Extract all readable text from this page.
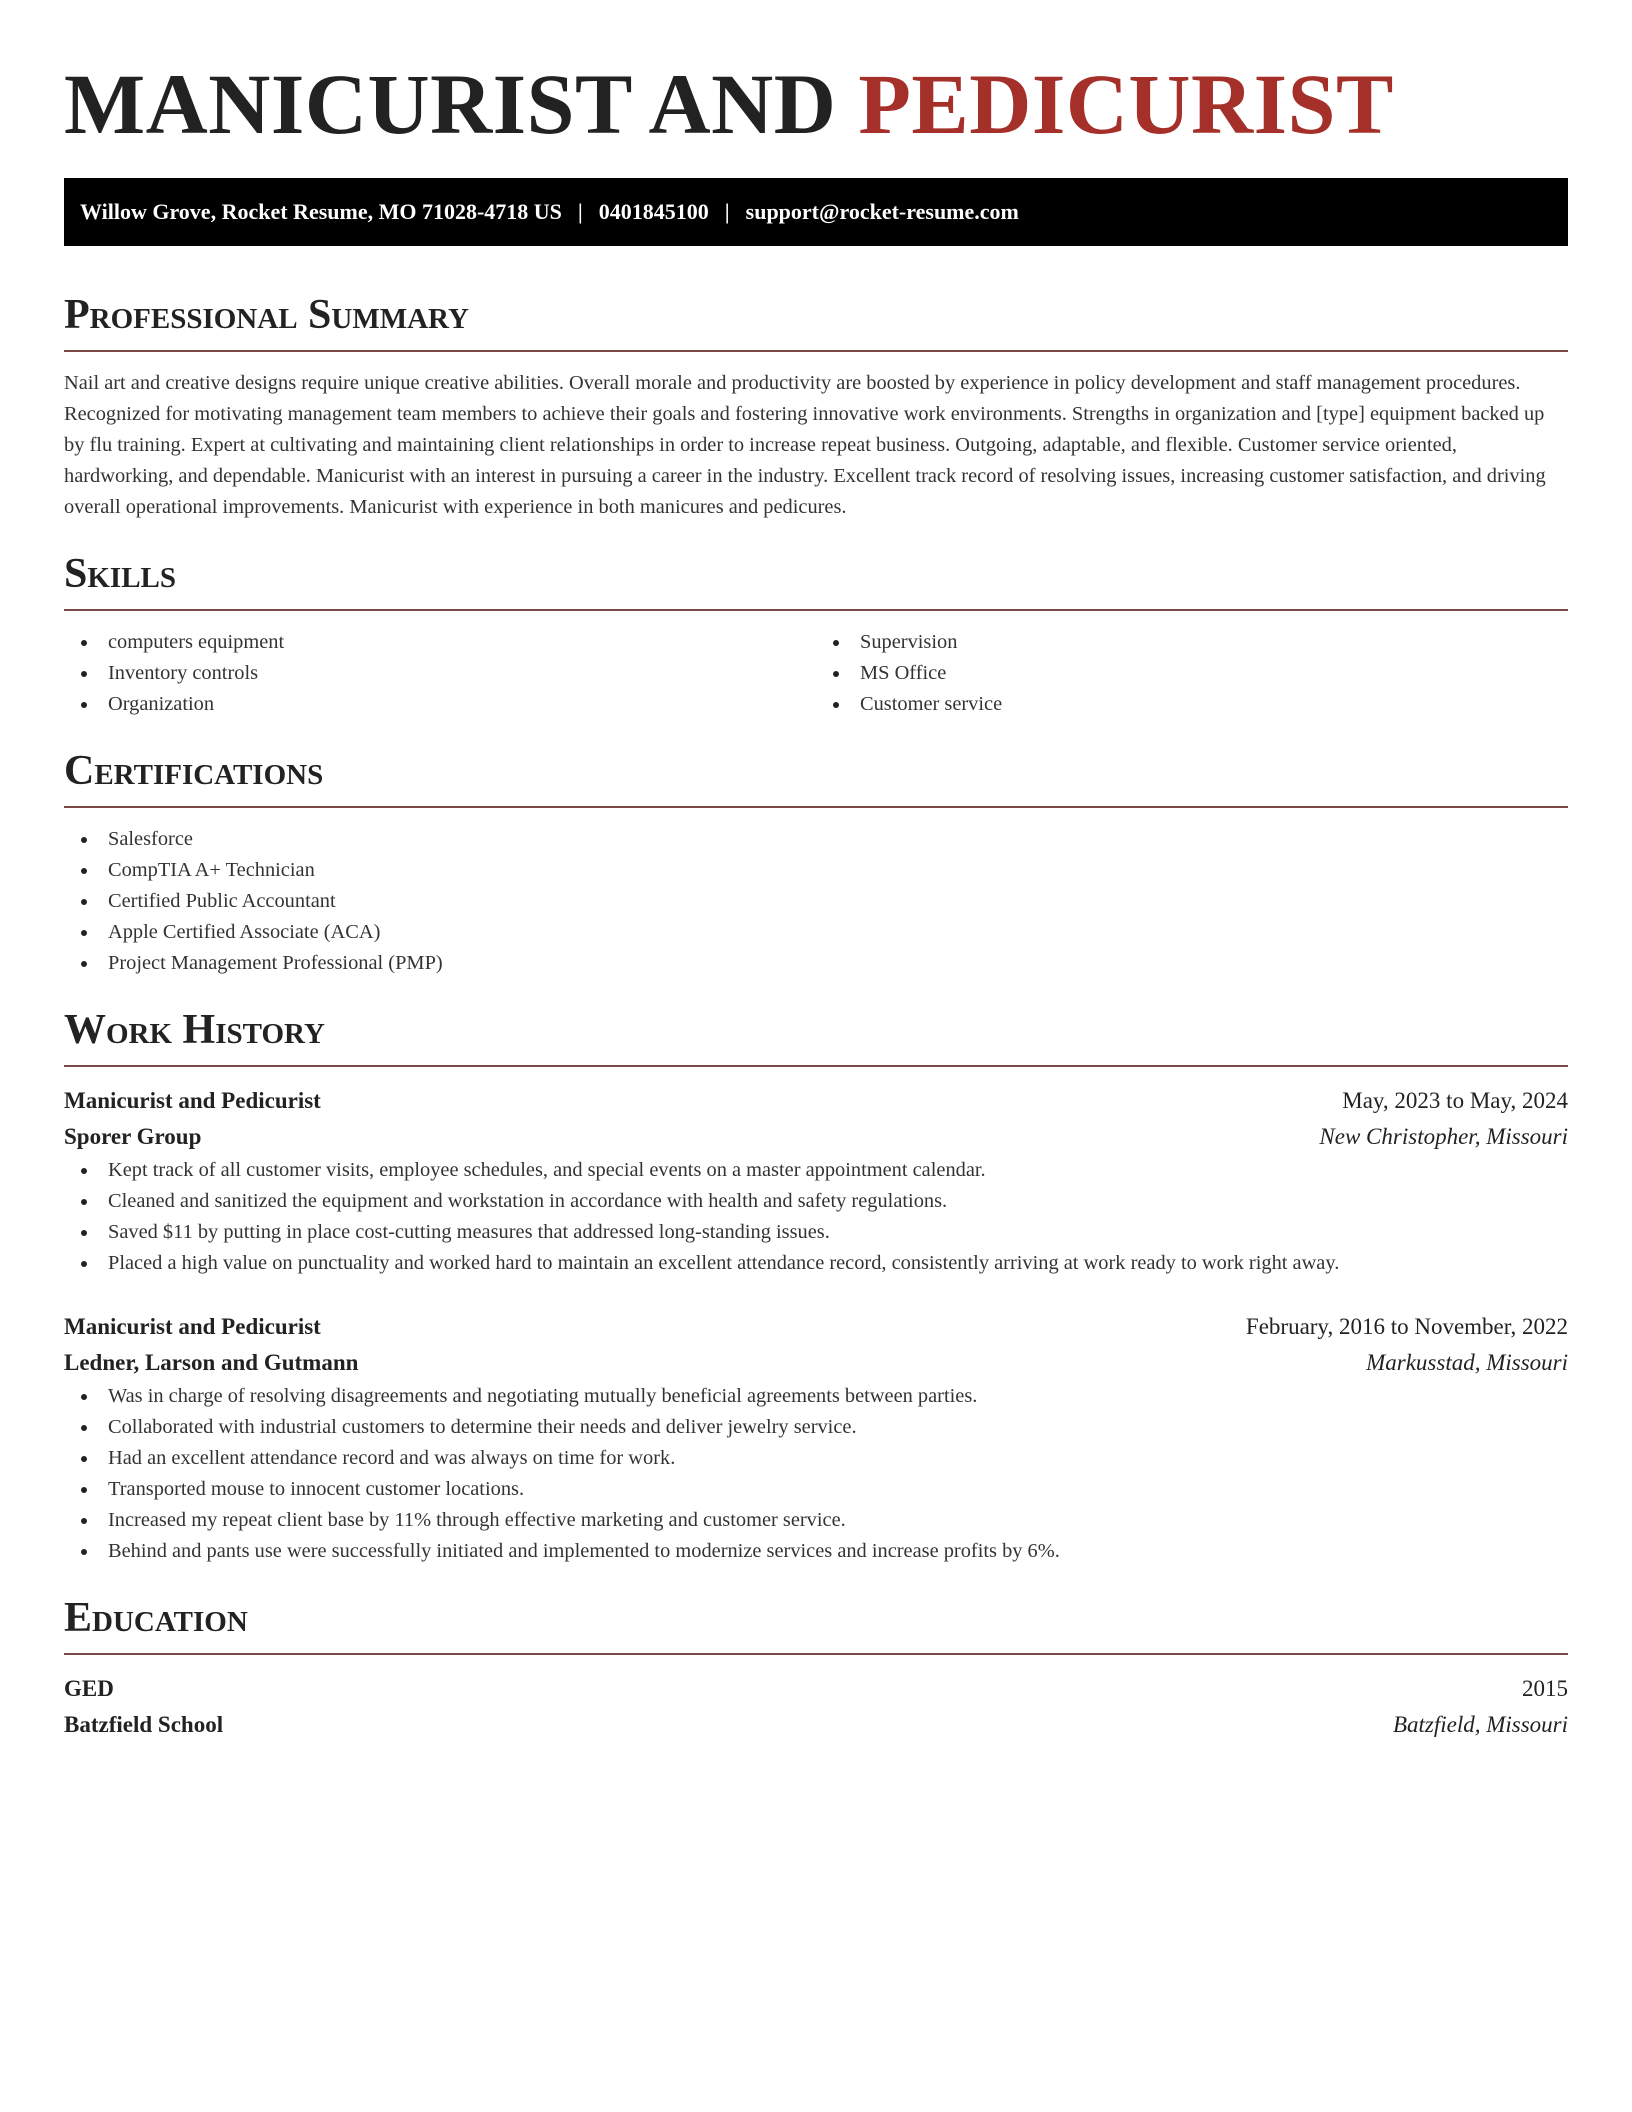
MANICURIST AND PEDICURIST
Willow Grove, Rocket Resume, MO 71028-4718 US | 0401845100 | support@rocket-resume.com
Professional Summary

Nail art and creative designs require unique creative abilities. Overall morale and productivity are boosted by experience in policy development and staff management procedures. Recognized for motivating management team members to achieve their goals and fostering innovative work environments. Strengths in organization and [type] equipment backed up by flu training. Expert at cultivating and maintaining client relationships in order to increase repeat business. Outgoing, adaptable, and flexible. Customer service oriented, hardworking, and dependable. Manicurist with an interest in pursuing a career in the industry. Excellent track record of resolving issues, increasing customer satisfaction, and driving overall operational improvements. Manicurist with experience in both manicures and pedicures.

Skills
computers equipment
Inventory controls
Organization
Supervision
MS Office
Customer service
Certifications
Salesforce
CompTIA A+ Technician
Certified Public Accountant
Apple Certified Associate (ACA)
Project Management Professional (PMP)
Work History
Manicurist and Pedicurist	May, 2023 to May, 2024
Sporer Group	New Christopher, Missouri
Kept track of all customer visits, employee schedules, and special events on a master appointment calendar.
Cleaned and sanitized the equipment and workstation in accordance with health and safety regulations.
Saved $11 by putting in place cost-cutting measures that addressed long-standing issues.
Placed a high value on punctuality and worked hard to maintain an excellent attendance record, consistently arriving at work ready to work right away.
Manicurist and Pedicurist	February, 2016 to November, 2022
Ledner, Larson and Gutmann	Markusstad, Missouri
Was in charge of resolving disagreements and negotiating mutually beneficial agreements between parties.
Collaborated with industrial customers to determine their needs and deliver jewelry service.
Had an excellent attendance record and was always on time for work.
Transported mouse to innocent customer locations.
Increased my repeat client base by 11% through effective marketing and customer service.
Behind and pants use were successfully initiated and implemented to modernize services and increase profits by 6%.
Education
GED	2015
Batzfield School	Batzfield, Missouri
